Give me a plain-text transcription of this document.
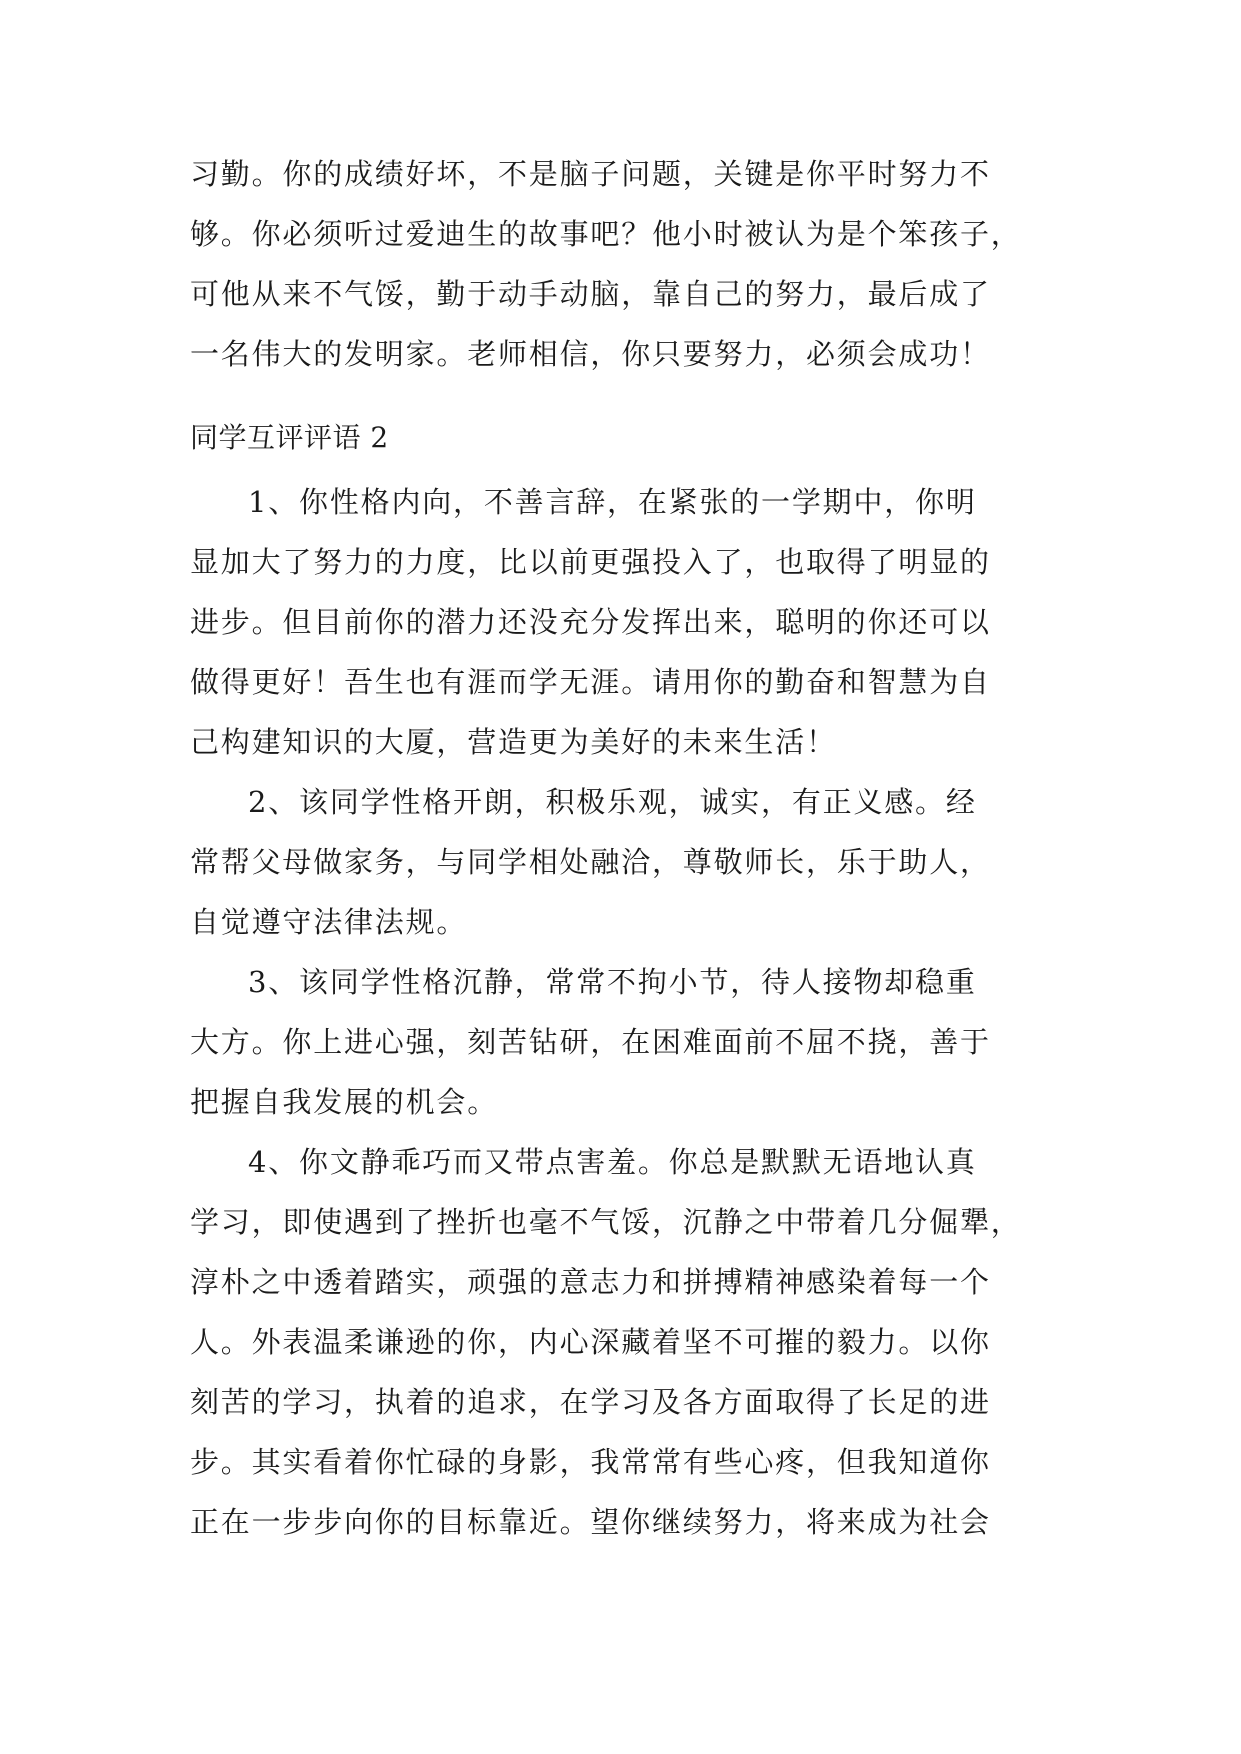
习勤。你的成绩好坏，不是脑子问题，关键是你平时努力不
够。你必须听过爱迪生的故事吧？他小时被认为是个笨孩子，
可他从来不气馁，勤于动手动脑，靠自己的努力，最后成了
一名伟大的发明家。老师相信，你只要努力，必须会成功！
同学互评评语 2
1、你性格内向，不善言辞，在紧张的一学期中，你明
显加大了努力的力度，比以前更强投入了，也取得了明显的
进步。但目前你的潜力还没充分发挥出来，聪明的你还可以
做得更好！吾生也有涯而学无涯。请用你的勤奋和智慧为自
己构建知识的大厦，营造更为美好的未来生活！
2、该同学性格开朗，积极乐观，诚实，有正义感。经
常帮父母做家务，与同学相处融洽，尊敬师长，乐于助人，
自觉遵守法律法规。
3、该同学性格沉静，常常不拘小节，待人接物却稳重
大方。你上进心强，刻苦钻研，在困难面前不屈不挠，善于
把握自我发展的机会。
4、你文静乖巧而又带点害羞。你总是默默无语地认真
学习，即使遇到了挫折也毫不气馁，沉静之中带着几分倔犟，
淳朴之中透着踏实，顽强的意志力和拼搏精神感染着每一个
人。外表温柔谦逊的你，内心深藏着坚不可摧的毅力。以你
刻苦的学习，执着的追求，在学习及各方面取得了长足的进
步。其实看着你忙碌的身影，我常常有些心疼，但我知道你
正在一步步向你的目标靠近。望你继续努力，将来成为社会
